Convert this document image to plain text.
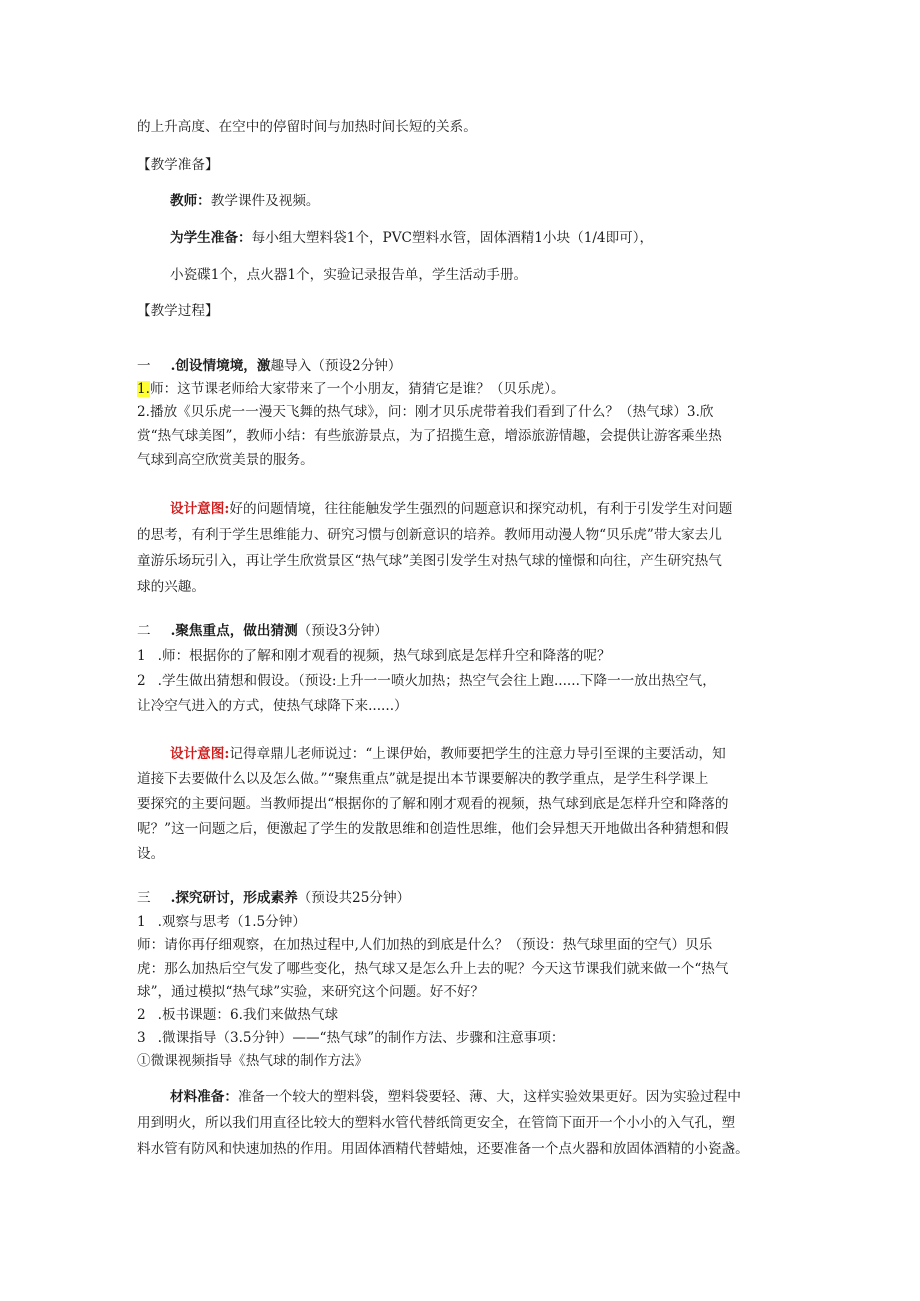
的上升高度、在空中的停留时间与加热时间长短的关系。
【教学准备】
教师：教学课件及视频。
为学生准备：每小组大塑料袋1个，PVC塑料水管，固体酒精1小块（1/4即可），
小瓷碟1个，点火器1个，实验记录报告单，学生活动手册。
【教学过程】
一 .创设情境境，激趣导入（预设2分钟）
1.师：这节课老师给大家带来了一个小朋友，猜猜它是谁？（贝乐虎）。
2.播放《贝乐虎一一漫天飞舞的热气球》，问：刚才贝乐虎带着我们看到了什么？（热气球）3.欣
赏“热气球美图”，教师小结：有些旅游景点，为了招揽生意，增添旅游情趣，会提供让游客乘坐热
气球到高空欣赏美景的服务。
设计意图:好的问题情境，往往能触发学生强烈的问题意识和探究动机，有利于引发学生对问题
的思考，有利于学生思维能力、研究习惯与创新意识的培养。教师用动漫人物“贝乐虎”带大家去儿
童游乐场玩引入，再让学生欣赏景区“热气球”美图引发学生对热气球的憧憬和向往，产生研究热气
球的兴趣。
二 .聚焦重点，做出猜测（预设3分钟）
1 .师：根据你的了解和刚才观看的视频，热气球到底是怎样升空和降落的呢？
2 .学生做出猜想和假设。（预设:上升一一喷火加热；热空气会往上跑......下降一一放出热空气，
让冷空气进入的方式，使热气球降下来......）
设计意图:记得章鼎儿老师说过：“上课伊始，教师要把学生的注意力导引至课的主要活动，知
道接下去要做什么以及怎么做。”“聚焦重点”就是提出本节课要解决的教学重点，是学生科学课上
要探究的主要问题。当教师提出“根据你的了解和刚才观看的视频，热气球到底是怎样升空和降落的
呢？”这一问题之后，便激起了学生的发散思维和创造性思维，他们会异想天开地做出各种猜想和假
设。
三 .探究研讨，形成素养（预设共25分钟）
1 .观察与思考（1.5分钟）
师：请你再仔细观察，在加热过程中,人们加热的到底是什么？（预设：热气球里面的空气）贝乐
虎：那么加热后空气发了哪些变化，热气球又是怎么升上去的呢？今天这节课我们就来做一个“热气
球”，通过模拟“热气球”实验，来研究这个问题。好不好？
2 .板书课题：6.我们来做热气球
3 .微课指导（3.5分钟）——“热气球”的制作方法、步骤和注意事项：
①微课视频指导《热气球的制作方法》
材料准备：准备一个较大的塑料袋，塑料袋要轻、薄、大，这样实验效果更好。因为实验过程中
用到明火，所以我们用直径比较大的塑料水管代替纸筒更安全，在管筒下面开一个小小的入气孔，塑
料水管有防风和快速加热的作用。用固体酒精代替蜡烛，还要准备一个点火器和放固体酒精的小瓷盏。
